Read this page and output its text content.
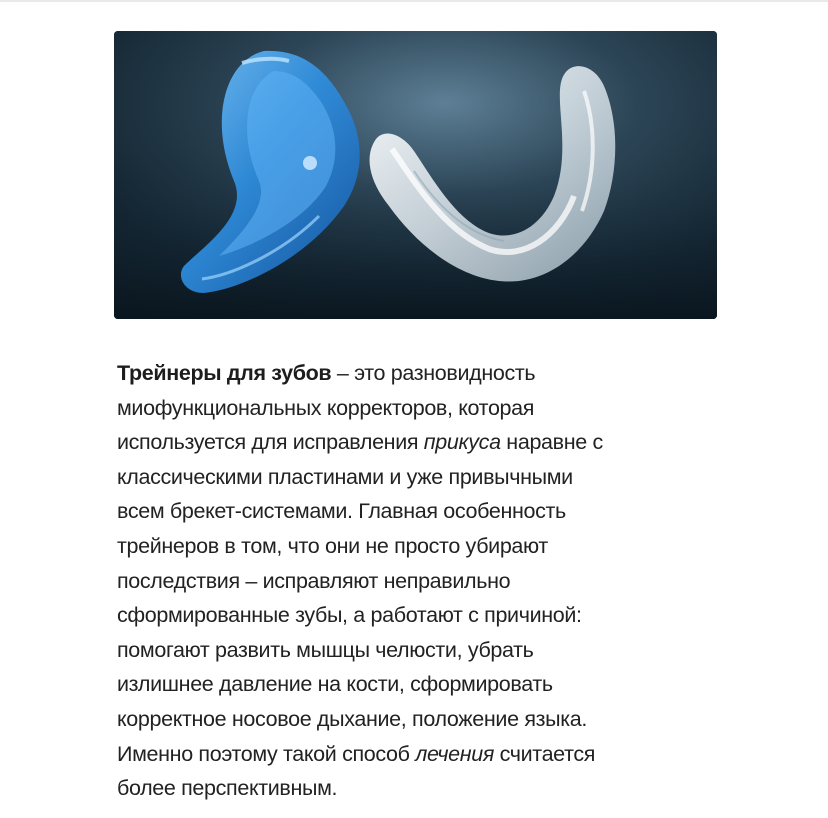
Трейнеры для зубов – это разновидность
миофункциональных корректоров, которая
используется для исправления прикуса наравне с
классическими пластинами и уже привычными
всем брекет-системами. Главная особенность
трейнеров в том, что они не просто убирают
последствия – исправляют неправильно
сформированные зубы, а работают с причиной:
помогают развить мышцы челюсти, убрать
излишнее давление на кости, сформировать
корректное носовое дыхание, положение языка.
Именно поэтому такой способ лечения считается
более перспективным.
